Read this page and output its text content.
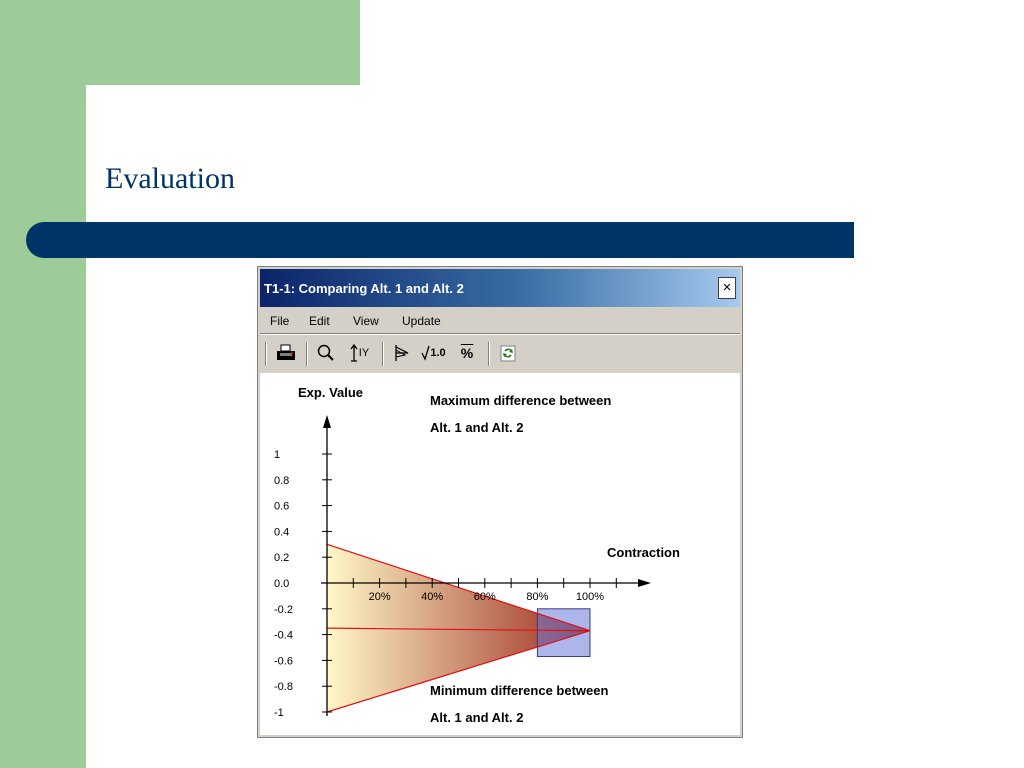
Evaluation
T1-1: Comparing Alt. 1 and Alt. 2	×
File Edit View Update
IY	1.0	%
1
0.8
0.6
0.4
0.2
0.0
-0.2
-0.4
-0.6
-0.8
-1
20%	40%	60%	80%	100%
Exp. Value
Contraction
Maximum difference between
Alt. 1 and Alt. 2
Minimum difference between
Alt. 1 and Alt. 2
